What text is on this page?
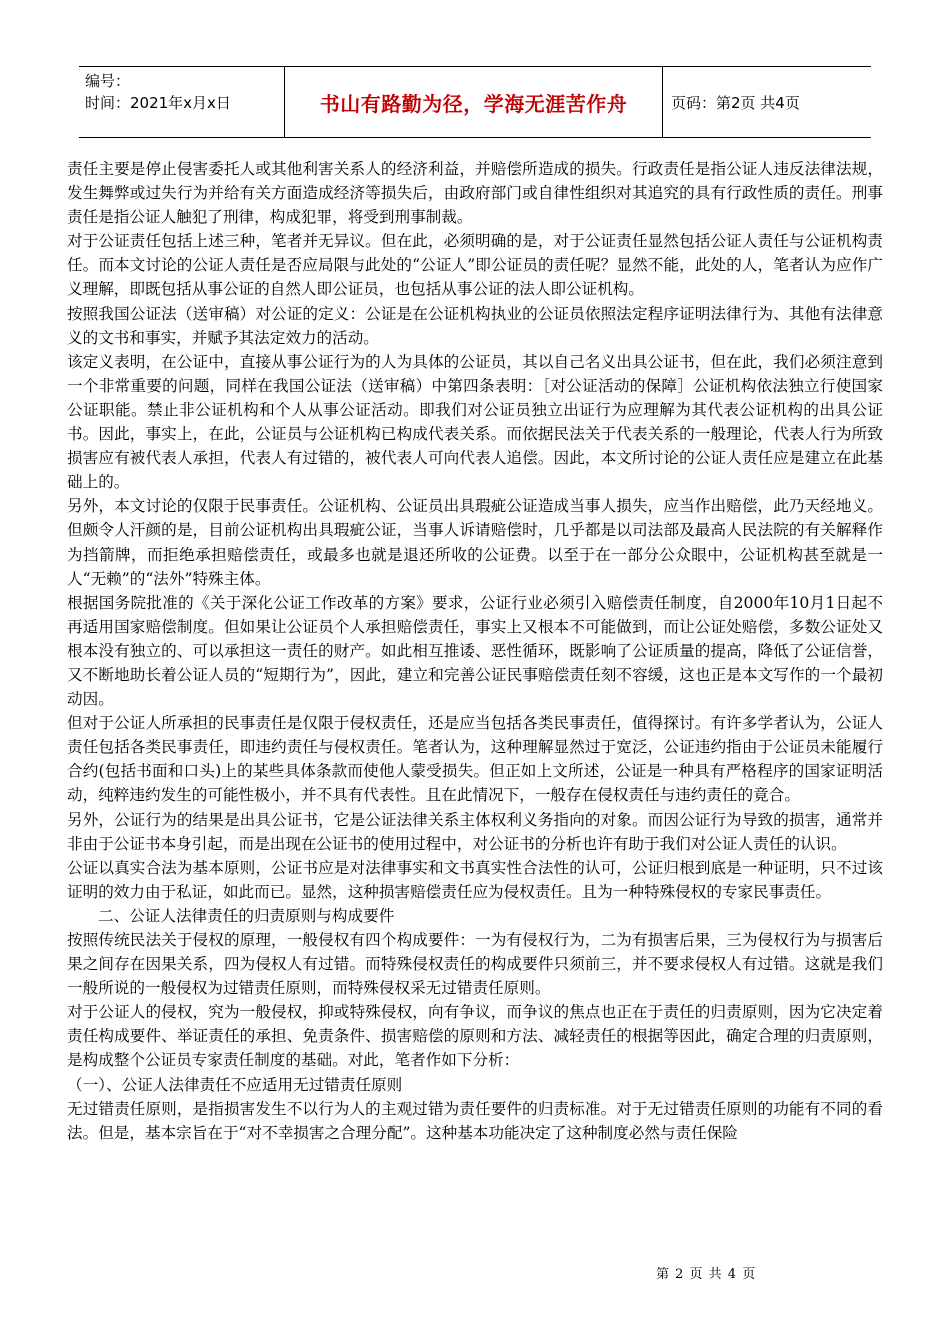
编号：
时间：2021年x月x日	书山有路勤为径，学海无涯苦作舟	页码：第2页 共4页

责任主要是停止侵害委托人或其他利害关系人的经济利益，并赔偿所造成的损失。行政责任是指公证人违反法律法规，发生舞弊或过失行为并给有关方面造成经济等损失后，由政府部门或自律性组织对其追究的具有行政性质的责任。刑事责任是指公证人触犯了刑律，构成犯罪，将受到刑事制裁。

对于公证责任包括上述三种，笔者并无异议。但在此，必须明确的是，对于公证责任显然包括公证人责任与公证机构责任。而本文讨论的公证人责任是否应局限与此处的“公证人”即公证员的责任呢？显然不能，此处的人，笔者认为应作广义理解，即既包括从事公证的自然人即公证员，也包括从事公证的法人即公证机构。

按照我国公证法（送审稿）对公证的定义：公证是在公证机构执业的公证员依照法定程序证明法律行为、其他有法律意义的文书和事实，并赋予其法定效力的活动。

该定义表明，在公证中，直接从事公证行为的人为具体的公证员，其以自己名义出具公证书，但在此，我们必须注意到一个非常重要的问题，同样在我国公证法（送审稿）中第四条表明：［对公证活动的保障］公证机构依法独立行使国家公证职能。禁止非公证机构和个人从事公证活动。即我们对公证员独立出证行为应理解为其代表公证机构的出具公证书。因此，事实上，在此，公证员与公证机构已构成代表关系。而依据民法关于代表关系的一般理论，代表人行为所致损害应有被代表人承担，代表人有过错的，被代表人可向代表人追偿。因此，本文所讨论的公证人责任应是建立在此基础上的。

另外，本文讨论的仅限于民事责任。公证机构、公证员出具瑕疵公证造成当事人损失，应当作出赔偿，此乃天经地义。但颇令人汗颜的是，目前公证机构出具瑕疵公证，当事人诉请赔偿时，几乎都是以司法部及最高人民法院的有关解释作为挡箭牌，而拒绝承担赔偿责任，或最多也就是退还所收的公证费。以至于在一部分公众眼中，公证机构甚至就是一人“无赖”的“法外”特殊主体。

根据国务院批准的《关于深化公证工作改革的方案》要求，公证行业必须引入赔偿责任制度，自2000年10月1日起不再适用国家赔偿制度。但如果让公证员个人承担赔偿责任，事实上又根本不可能做到，而让公证处赔偿，多数公证处又根本没有独立的、可以承担这一责任的财产。如此相互推诿、恶性循环，既影响了公证质量的提高，降低了公证信誉，又不断地助长着公证人员的“短期行为”，因此，建立和完善公证民事赔偿责任刻不容缓，这也正是本文写作的一个最初动因。

但对于公证人所承担的民事责任是仅限于侵权责任，还是应当包括各类民事责任，值得探讨。有许多学者认为，公证人责任包括各类民事责任，即违约责任与侵权责任。笔者认为，这种理解显然过于宽泛，公证违约指由于公证员未能履行合约(包括书面和口头)上的某些具体条款而使他人蒙受损失。但正如上文所述，公证是一种具有严格程序的国家证明活动，纯粹违约发生的可能性极小，并不具有代表性。且在此情况下，一般存在侵权责任与违约责任的竟合。

另外，公证行为的结果是出具公证书，它是公证法律关系主体权利义务指向的对象。而因公证行为导致的损害，通常并非由于公证书本身引起，而是出现在公证书的使用过程中，对公证书的分析也许有助于我们对公证人责任的认识。

公证以真实合法为基本原则，公证书应是对法律事实和文书真实性合法性的认可，公证归根到底是一种证明，只不过该证明的效力由于私证，如此而已。显然，这种损害赔偿责任应为侵权责任。且为一种特殊侵权的专家民事责任。

二、公证人法律责任的归责原则与构成要件

按照传统民法关于侵权的原理，一般侵权有四个构成要件：一为有侵权行为，二为有损害后果，三为侵权行为与损害后果之间存在因果关系，四为侵权人有过错。而特殊侵权责任的构成要件只须前三，并不要求侵权人有过错。这就是我们一般所说的一般侵权为过错责任原则，而特殊侵权采无过错责任原则。

对于公证人的侵权，究为一般侵权，抑或特殊侵权，向有争议，而争议的焦点也正在于责任的归责原则，因为它决定着责任构成要件、举证责任的承担、免责条件、损害赔偿的原则和方法、减轻责任的根据等因此，确定合理的归责原则，是构成整个公证员专家责任制度的基础。对此，笔者作如下分析：

（一）、公证人法律责任不应适用无过错责任原则

无过错责任原则，是指损害发生不以行为人的主观过错为责任要件的归责标准。对于无过错责任原则的功能有不同的看法。但是，基本宗旨在于“对不幸损害之合理分配”。这种基本功能决定了这种制度必然与责任保险

第 2 页 共 4 页
